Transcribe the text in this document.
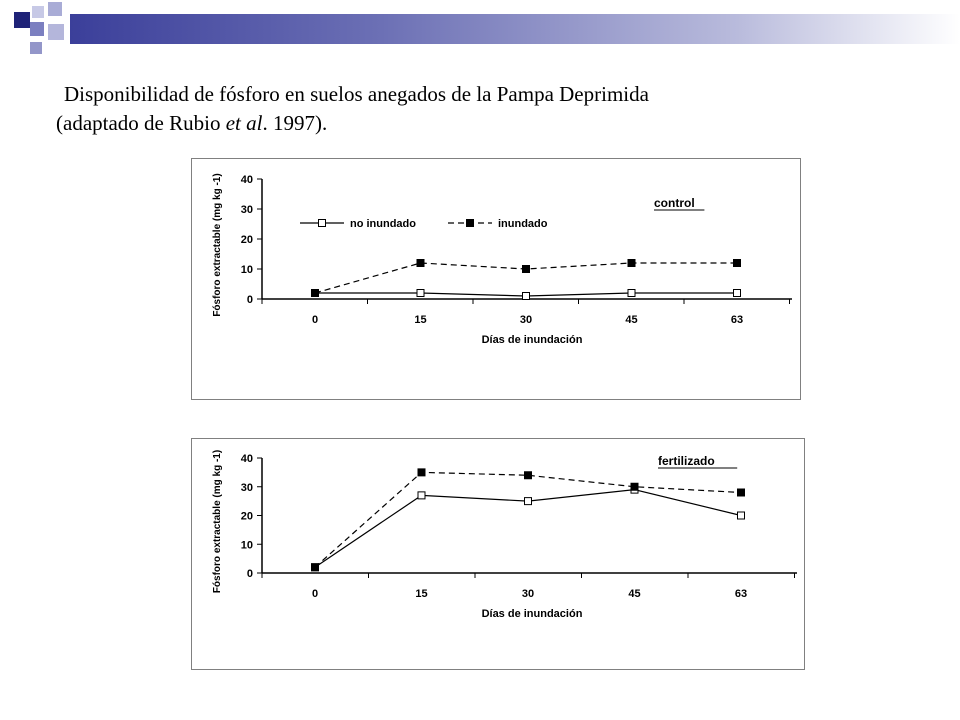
Disponibilidad de fósforo en suelos anegados de la Pampa Deprimida
(adaptado de Rubio et al. 1997).
0
10
20
30
40
0	15	30	45	63
Días de inundación
Fósforo extractable (mg kg -1)	control
no inundado	inundado
0
10
20
30
40
0	15	30	45	63
Días de inundación
Fósforo extractable (mg kg -1)	fertilizado
